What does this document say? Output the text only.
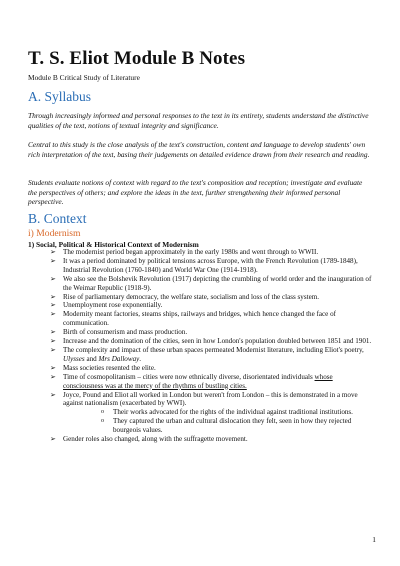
T. S. Eliot Module B Notes
Module B Critical Study of Literature
A. Syllabus
Through increasingly informed and personal responses to the text in its entirety, students understand the distinctive qualities of the text, notions of textual integrity and significance.
Central to this study is the close analysis of the text's construction, content and language to develop students' own rich interpretation of the text, basing their judgements on detailed evidence drawn from their research and reading.
Students evaluate notions of context with regard to the text's composition and reception; investigate and evaluate the perspectives of others; and explore the ideas in the text, further strengthening their informed personal perspective.
B. Context
i) Modernism
1) Social, Political & Historical Context of Modernism
➢ The modernist period began approximately in the early 1980s and went through to WWII.
➢ It was a period dominated by political tensions across Europe, with the French Revolution (1789-1848), Industrial Revolution (1760-1840) and World War One (1914-1918).
➢ We also see the Bolshevik Revolution (1917) depicting the crumbling of world order and the inauguration of the Weimar Republic (1918-9).
➢ Rise of parliamentary democracy, the welfare state, socialism and loss of the class system.
➢ Unemployment rose exponentially.
➢ Modernity meant factories, steams ships, railways and bridges, which hence changed the face of communication.
➢ Birth of consumerism and mass production.
➢ Increase and the domination of the cities, seen in how London's population doubled between 1851 and 1901.
➢ The complexity and impact of these urban spaces permeated Modernist literature, including Eliot's poetry, Ulysses and Mrs Dalloway.
➢ Mass societies resented the elite.
➢ Time of cosmopolitanism – cities were now ethnically diverse, disorientated individuals whose consciousness was at the mercy of the rhythms of bustling cities.
➢ Joyce, Pound and Eliot all worked in London but weren't from London – this is demonstrated in a move against nationalism (exacerbated by WWI).
o Their works advocated for the rights of the individual against traditional institutions.
o They captured the urban and cultural dislocation they felt, seen in how they rejected bourgeois values.
➢ Gender roles also changed, along with the suffragette movement.
1
